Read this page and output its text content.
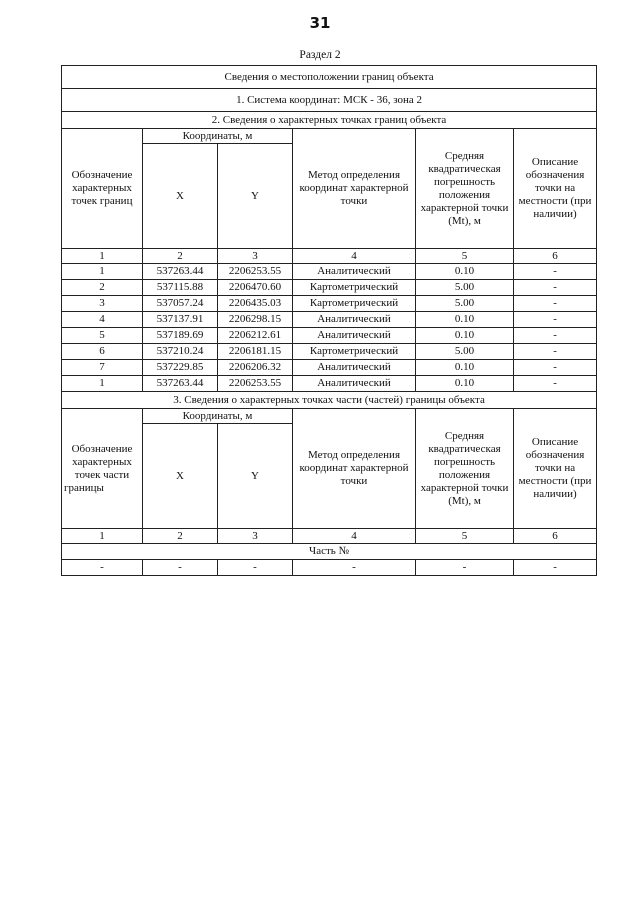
31
Раздел 2
Сведения о местоположении границ объекта					
1. Система координат: МСК - 36, зона 2					
2. Сведения о характерных точках границ объекта					
Обозначение характерных точек границ	Координаты, м		Метод определения координат характерной точки	Средняя квадратическая погрешность положения характерной точки (Mt), м	Описание обозначения точки на местности (при наличии)
	X	Y			
1	2	3	4	5	6
1	537263.44	2206253.55	Аналитический	0.10	-
2	537115.88	2206470.60	Картометрический	5.00	-
3	537057.24	2206435.03	Картометрический	5.00	-
4	537137.91	2206298.15	Аналитический	0.10	-
5	537189.69	2206212.61	Аналитический	0.10	-
6	537210.24	2206181.15	Картометрический	5.00	-
7	537229.85	2206206.32	Аналитический	0.10	-
1	537263.44	2206253.55	Аналитический	0.10	-
3. Сведения о характерных точках части (частей) границы объекта					
Обозначение характерных точек части границы	Координаты, м		Метод определения координат характерной точки	Средняя квадратическая погрешность положения характерной точки (Mt), м	Описание обозначения точки на местности (при наличии)
	X	Y			
1	2	3	4	5	6
Часть №					
-	-	-	-	-	-
